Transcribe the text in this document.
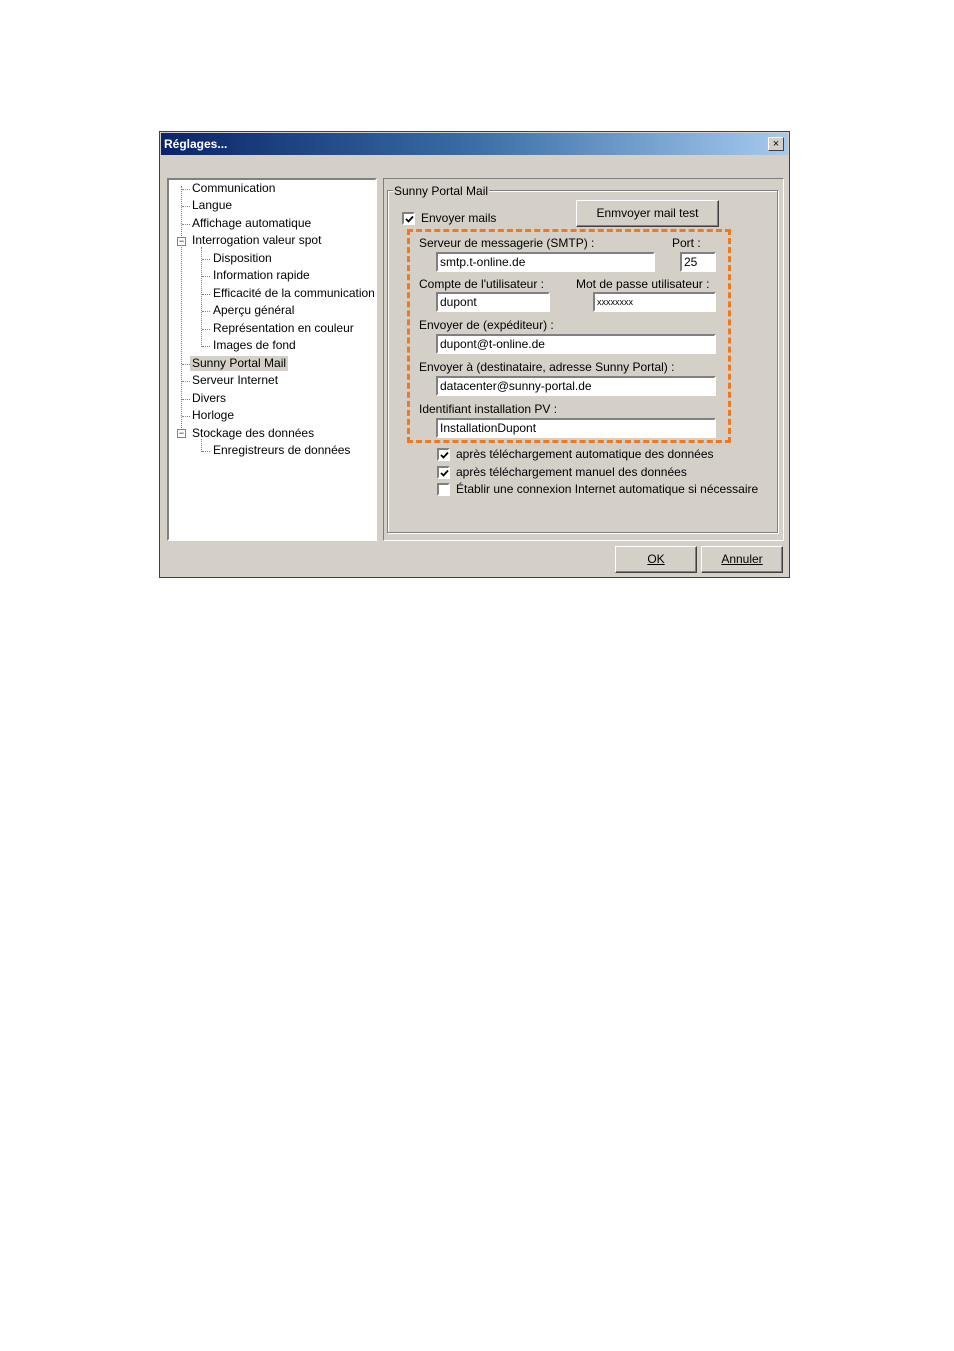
Réglages...	×
Communication
Langue
Affichage automatique
− Interrogation valeur spot
Disposition
Information rapide
Efficacité de la communication
Aperçu général
Représentation en couleur
Images de fond
Sunny Portal Mail
Serveur Internet
Divers
Horloge
− Stockage des données
Enregistreurs de données
Sunny Portal Mail
Envoyer mails
OK	Annuler
Enmvoyer mail test
Serveur de messagerie (SMTP) :	Port :
smtp.t-online.de	25
Compte de l'utilisateur :	Mot de passe utilisateur :
dupont	xxxxxxxx
Envoyer de (expéditeur) :
dupont@t-online.de
Envoyer à (destinataire, adresse Sunny Portal) :
datacenter@sunny-portal.de
Identifiant installation PV :
InstallationDupont
après téléchargement automatique des données
après téléchargement manuel des données
Établir une connexion Internet automatique si nécessaire
